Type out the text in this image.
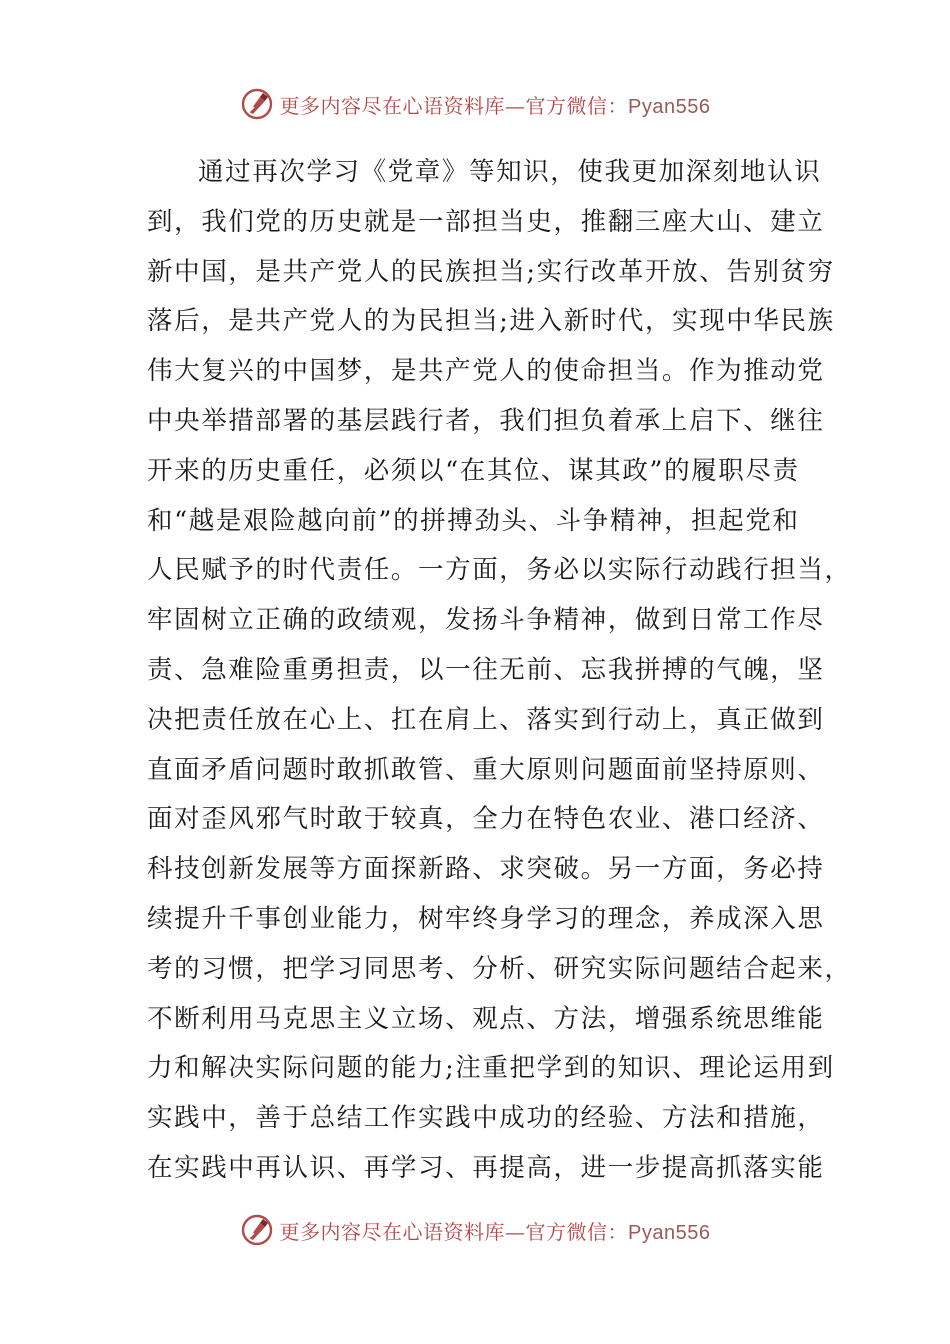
更多内容尽在心语资料库—官方微信：Pyan556
通过再次学习《党章》等知识，使我更加深刻地认识
到，我们党的历史就是一部担当史，推翻三座大山、建立
新中国，是共产党人的民族担当;实行改革开放、告别贫穷
落后，是共产党人的为民担当;进入新时代，实现中华民族
伟大复兴的中国梦，是共产党人的使命担当。作为推动党
中央举措部署的基层践行者，我们担负着承上启下、继往
开来的历史重任，必须以“在其位、谋其政”的履职尽责
和“越是艰险越向前”的拼搏劲头、斗争精神，担起党和
人民赋予的时代责任。一方面，务必以实际行动践行担当，
牢固树立正确的政绩观，发扬斗争精神，做到日常工作尽
责、急难险重勇担责，以一往无前、忘我拼搏的气魄，坚
决把责任放在心上、扛在肩上、落实到行动上，真正做到
直面矛盾问题时敢抓敢管、重大原则问题面前坚持原则、
面对歪风邪气时敢于较真，全力在特色农业、港口经济、
科技创新发展等方面探新路、求突破。另一方面，务必持
续提升千事创业能力，树牢终身学习的理念，养成深入思
考的习惯，把学习同思考、分析、研究实际问题结合起来，
不断利用马克思主义立场、观点、方法，增强系统思维能
力和解决实际问题的能力;注重把学到的知识、理论运用到
实践中，善于总结工作实践中成功的经验、方法和措施，
在实践中再认识、再学习、再提高，进一步提高抓落实能
更多内容尽在心语资料库—官方微信：Pyan556
